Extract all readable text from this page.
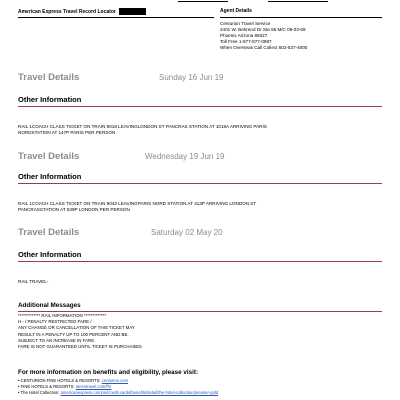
American Express Travel Record Locator	Agent Details
Centurion Travel Service
2401 W. Behrend Dr Ste.55 M/C 08-03-69
Phoenix Arizona 85027
Toll Free 1-877-877-0987
When Overseas Call Collect 602-537-4000
Travel Details	Sunday 16 Jun 19
Other Information
RAIL 1COACH CLASS TICKET ON TRAIN 9018 LEAVINGLONDON ST PANCRAS STATION AT 1018A ARRIVING PARIS
NORDSTATION AT 147P PARIS PER PERSON
Travel Details	Wednesday 19 Jun 19
Other Information
RAIL 1COACH CLASS TICKET ON TRAIN 9043 LEAVINGPARIS NORD STATION AT 413P ARRIVING LONDON ST
PANCRASSTATION AT 539P LONDON PER PERSON
Travel Details	Saturday 02 May 20
Other Information
RAIL TRAVEL-
Additional Messages
************* RAIL INFORMATION *************
H - / PENALTY RESTRICTED FARE /
ANY CHANGE OR CANCELLATION OF THIS TICKET MAY
RESULT IN A PENALTY UP TO 100 PERCENT AND BE.
SUBJECT TO AN INCREASE IN FARE.
FARE IS NOT GUARANTEED UNTIL TICKET IS PURCHASED.
For more information on benefits and eligibility, please visit:
• CENTURION FINE HOTELS & RESORTS: centurion.com
• FINE HOTELS & RESORTS: amextravel.com/fhr
• The Hotel Collection: americanexpress.com/us/credit-cards/benefits/detail/the-hotel-collection/premier-gold
